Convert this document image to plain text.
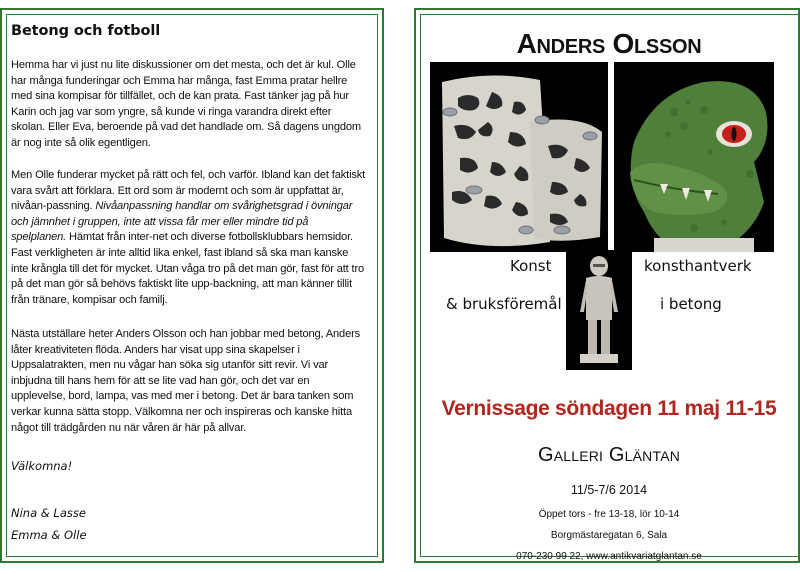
Betong och fotboll
Hemma har vi just nu lite diskussioner om det mesta, och det är kul. Olle har många funderingar och Emma har många, fast Emma pratar hellre med sina kompisar för tillfället, och de kan prata. Fast tänker jag på hur Karin och jag var som yngre, så kunde vi ringa varandra direkt efter skolan. Eller Eva, beroende på vad det handlade om. Så dagens ungdom är nog inte så olik egentligen.
Men Olle funderar mycket på rätt och fel, och varför. Ibland kan det faktiskt vara svårt att förklara. Ett ord som är modernt och som är uppfattat är, nivåan-passning. Nivåanpassning handlar om svårighetsgrad i övningar och jämnhet i gruppen, inte att vissa får mer eller mindre tid på spelplanen. Hämtat från inter-net och diverse fotbollsklubbars hemsidor. Fast verkligheten är inte alltid lika enkel, fast ibland så ska man kanske inte krångla till det för mycket. Utan våga tro på det man gör, fast för att tro på det man gör så behövs faktiskt lite upp-backning, att man känner tillit från tränare, kompisar och familj.
Nästa utställare heter Anders Olsson och han jobbar med betong, Anders låter kreativiteten flöda. Anders har visat upp sina skapelser i Uppsalatrakten, men nu vågar han söka sig utanför sitt revir. Vi var inbjudna till hans hem för att se lite vad han gör, och det var en upplevelse, bord, lampa, vas med mer i betong. Det är bara tanken som verkar kunna sätta stopp. Välkomna ner och inspireras och kanske hitta något till trädgården nu när våren är här på allvar.
Välkomna!
Nina & Lasse
Emma & Olle
Anders Olsson
Konst
& bruksföremål
konsthantverk
i betong
Vernissage söndagen 11 maj 11-15
Galleri Gläntan
11/5-7/6 2014
Öppet tors - fre 13-18, lör 10-14
Borgmästaregatan 6, Sala
070-230 99 22, www.antikvariatglantan.se
